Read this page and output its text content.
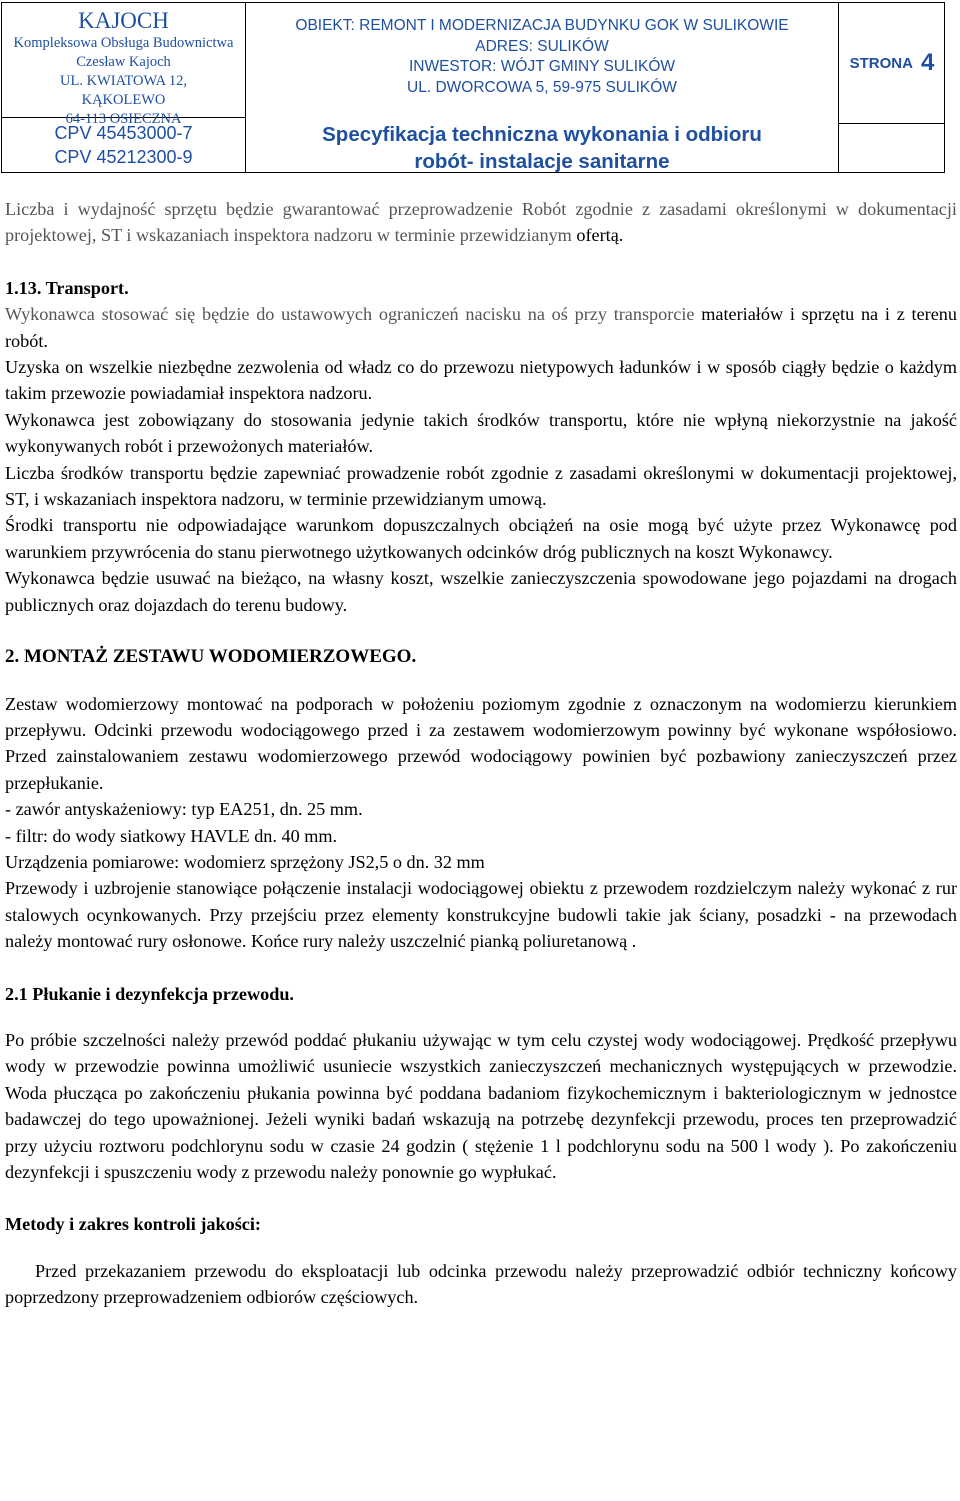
KAJOCH
Kompleksowa Obsługa Budownictwa
Czesław Kajoch
UL. KWIATOWA 12,
KĄKOLEWO
64-113 OSIECZNA
CPV 45453000-7
CPV 45212300-9
OBIEKT: REMONT I MODERNIZACJA BUDYNKU GOK W SULIKOWIE
ADRES: SULIKÓW
INWESTOR: WÓJT GMINY SULIKÓW
UL. DWORCOWA 5, 59-975 SULIKÓW
Specyfikacja techniczna wykonania i odbioru
robót- instalacje sanitarne
STRONA 4

Liczba i wydajność sprzętu będzie gwarantować przeprowadzenie Robót zgodnie z zasadami określonymi w dokumentacji projektowej, ST i wskazaniach inspektora nadzoru w terminie przewidzianym ofertą.

1.13. Transport.

Wykonawca stosować się będzie do ustawowych ograniczeń nacisku na oś przy transporcie materiałów i sprzętu na i z terenu robót.

Uzyska on wszelkie niezbędne zezwolenia od władz co do przewozu nietypowych ładunków i w sposób ciągły będzie o każdym takim przewozie powiadamiał inspektora nadzoru.

Wykonawca jest zobowiązany do stosowania jedynie takich środków transportu, które nie wpłyną niekorzystnie na jakość wykonywanych robót i przewożonych materiałów.

Liczba środków transportu będzie zapewniać prowadzenie robót zgodnie z zasadami określonymi w dokumentacji projektowej, ST, i wskazaniach inspektora nadzoru, w terminie przewidzianym umową.

Środki transportu nie odpowiadające warunkom dopuszczalnych obciążeń na osie mogą być użyte przez Wykonawcę pod warunkiem przywrócenia do stanu pierwotnego użytkowanych odcinków dróg publicznych na koszt Wykonawcy.

Wykonawca będzie usuwać na bieżąco, na własny koszt, wszelkie zanieczyszczenia spowodowane jego pojazdami na drogach publicznych oraz dojazdach do terenu budowy.

2. MONTAŻ ZESTAWU WODOMIERZOWEGO.

Zestaw wodomierzowy montować na podporach w położeniu poziomym zgodnie z oznaczonym na wodomierzu kierunkiem przepływu. Odcinki przewodu wodociągowego przed i za zestawem wodomierzowym powinny być wykonane współosiowo. Przed zainstalowaniem zestawu wodomierzowego przewód wodociągowy powinien być pozbawiony zanieczyszczeń przez przepłukanie.

- zawór antyskażeniowy: typ EA251, dn. 25 mm.

- filtr: do wody siatkowy HAVLE dn. 40 mm.

Urządzenia pomiarowe: wodomierz sprzężony JS2,5 o dn. 32 mm

Przewody i uzbrojenie stanowiące połączenie instalacji wodociągowej obiektu z przewodem rozdzielczym należy wykonać z rur stalowych ocynkowanych. Przy przejściu przez elementy konstrukcyjne budowli takie jak ściany, posadzki - na przewodach należy montować rury osłonowe. Końce rury należy uszczelnić pianką poliuretanową .

2.1 Płukanie i dezynfekcja przewodu.

Po próbie szczelności należy przewód poddać płukaniu używając w tym celu czystej wody wodociągowej. Prędkość przepływu wody w przewodzie powinna umożliwić usuniecie wszystkich zanieczyszczeń mechanicznych występujących w przewodzie. Woda płucząca po zakończeniu płukania powinna być poddana badaniom fizykochemicznym i bakteriologicznym w jednostce badawczej do tego upoważnionej. Jeżeli wyniki badań wskazują na potrzebę dezynfekcji przewodu, proces ten przeprowadzić przy użyciu roztworu podchlorynu sodu w czasie 24 godzin ( stężenie 1 l podchlorynu sodu na 500 l wody ). Po zakończeniu dezynfekcji i spuszczeniu wody z przewodu należy ponownie go wypłukać.

Metody i zakres kontroli jakości:

Przed przekazaniem przewodu do eksploatacji lub odcinka przewodu należy przeprowadzić odbiór techniczny końcowy poprzedzony przeprowadzeniem odbiorów częściowych.
